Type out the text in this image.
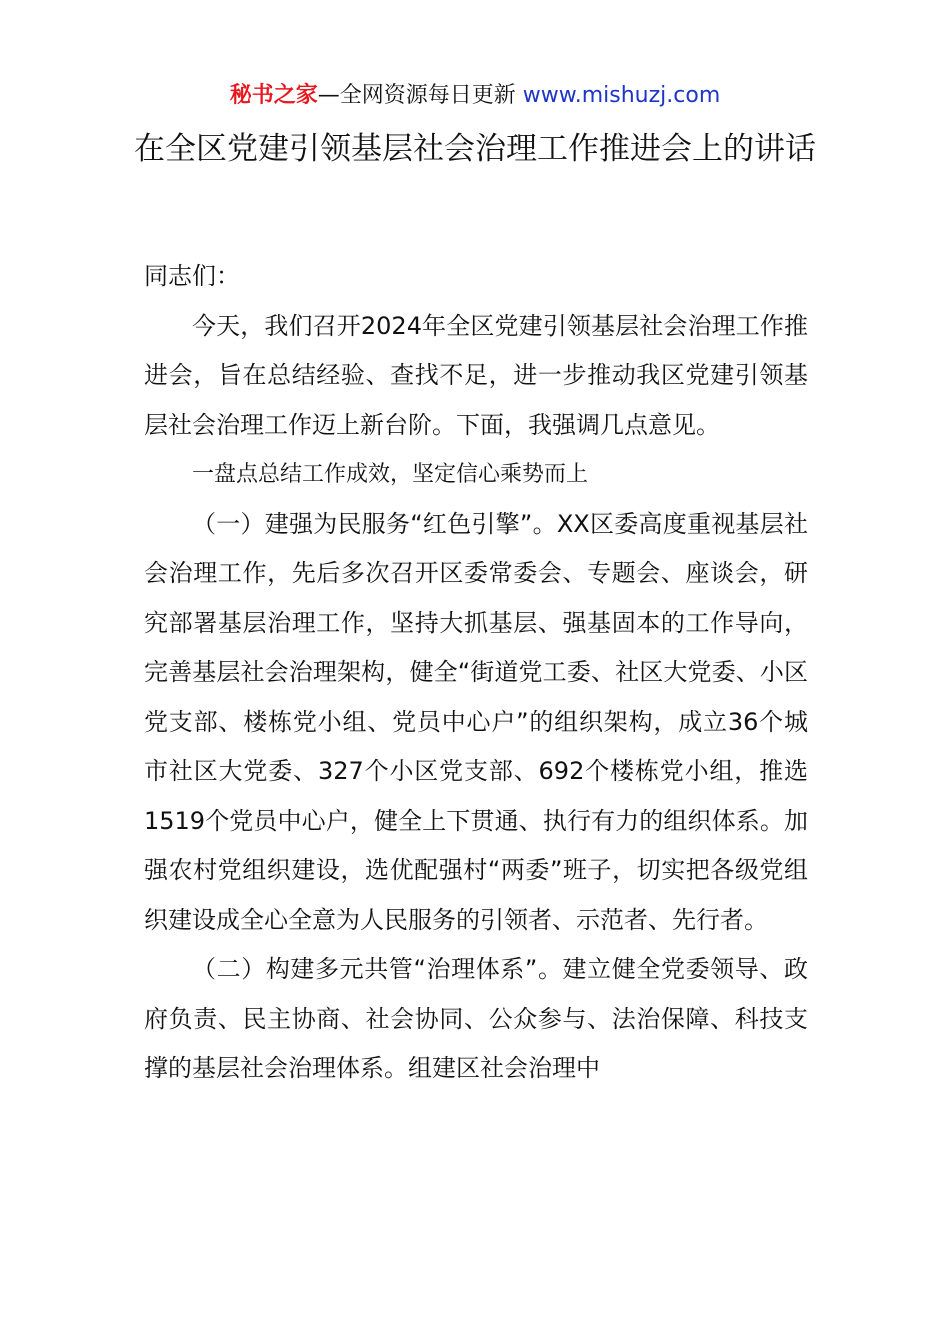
秘书之家—全网资源每日更新 www.mishuzj.com
在全区党建引领基层社会治理工作推进会上的讲话

同志们：

今天，我们召开2024年全区党建引领基层社会治理工作推进会，旨在总结经验、查找不足，进一步推动我区党建引领基层社会治理工作迈上新台阶。下面，我强调几点意见。

一盘点总结工作成效，坚定信心乘势而上

（一）建强为民服务“红色引擎”。XX区委高度重视基层社会治理工作，先后多次召开区委常委会、专题会、座谈会，研究部署基层治理工作，坚持大抓基层、强基固本的工作导向，完善基层社会治理架构，健全“街道党工委、社区大党委、小区党支部、楼栋党小组、党员中心户”的组织架构，成立36个城市社区大党委、327个小区党支部、692个楼栋党小组，推选1519个党员中心户，健全上下贯通、执行有力的组织体系。加强农村党组织建设，选优配强村“两委”班子，切实把各级党组织建设成全心全意为人民服务的引领者、示范者、先行者。

（二）构建多元共管“治理体系”。建立健全党委领导、政府负责、民主协商、社会协同、公众参与、法治保障、科技支撑的基层社会治理体系。组建区社会治理中
